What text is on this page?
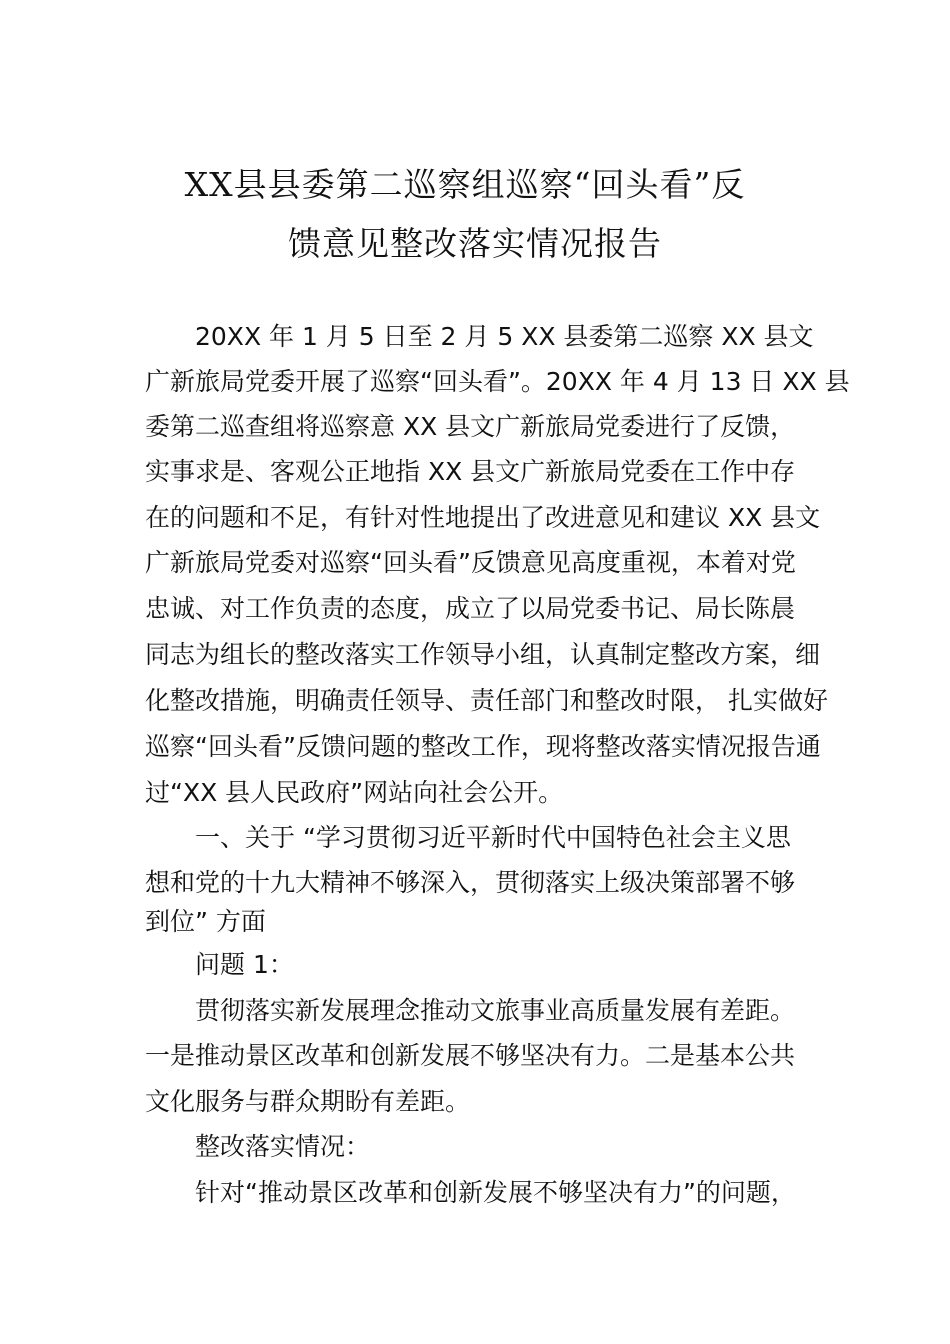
XX县县委第二巡察组巡察“回头看”反
馈意见整改落实情况报告

20XX 年 1 月 5 日至 2 月 5 XX 县委第二巡察 XX 县文

广新旅局党委开展了巡察“回头看”。20XX 年 4 月 13 日 XX 县

委第二巡查组将巡察意 XX 县文广新旅局党委进行了反馈，

实事求是、客观公正地指 XX 县文广新旅局党委在工作中存

在的问题和不足，有针对性地提出了改进意见和建议 XX 县文

广新旅局党委对巡察“回头看”反馈意见高度重视，本着对党

忠诚、对工作负责的态度，成立了以局党委书记、局长陈晨

同志为组长的整改落实工作领导小组，认真制定整改方案，细

化整改措施，明确责任领导、责任部门和整改时限， 扎实做好

巡察“回头看”反馈问题的整改工作，现将整改落实情况报告通

过“XX 县人民政府”网站向社会公开。

一、关于 “学习贯彻习近平新时代中国特色社会主义思

想和党的十九大精神不够深入，贯彻落实上级决策部署不够

到位” 方面

问题 1：

贯彻落实新发展理念推动文旅事业高质量发展有差距。

一是推动景区改革和创新发展不够坚决有力。二是基本公共

文化服务与群众期盼有差距。

整改落实情况：

针对“推动景区改革和创新发展不够坚决有力”的问题，
